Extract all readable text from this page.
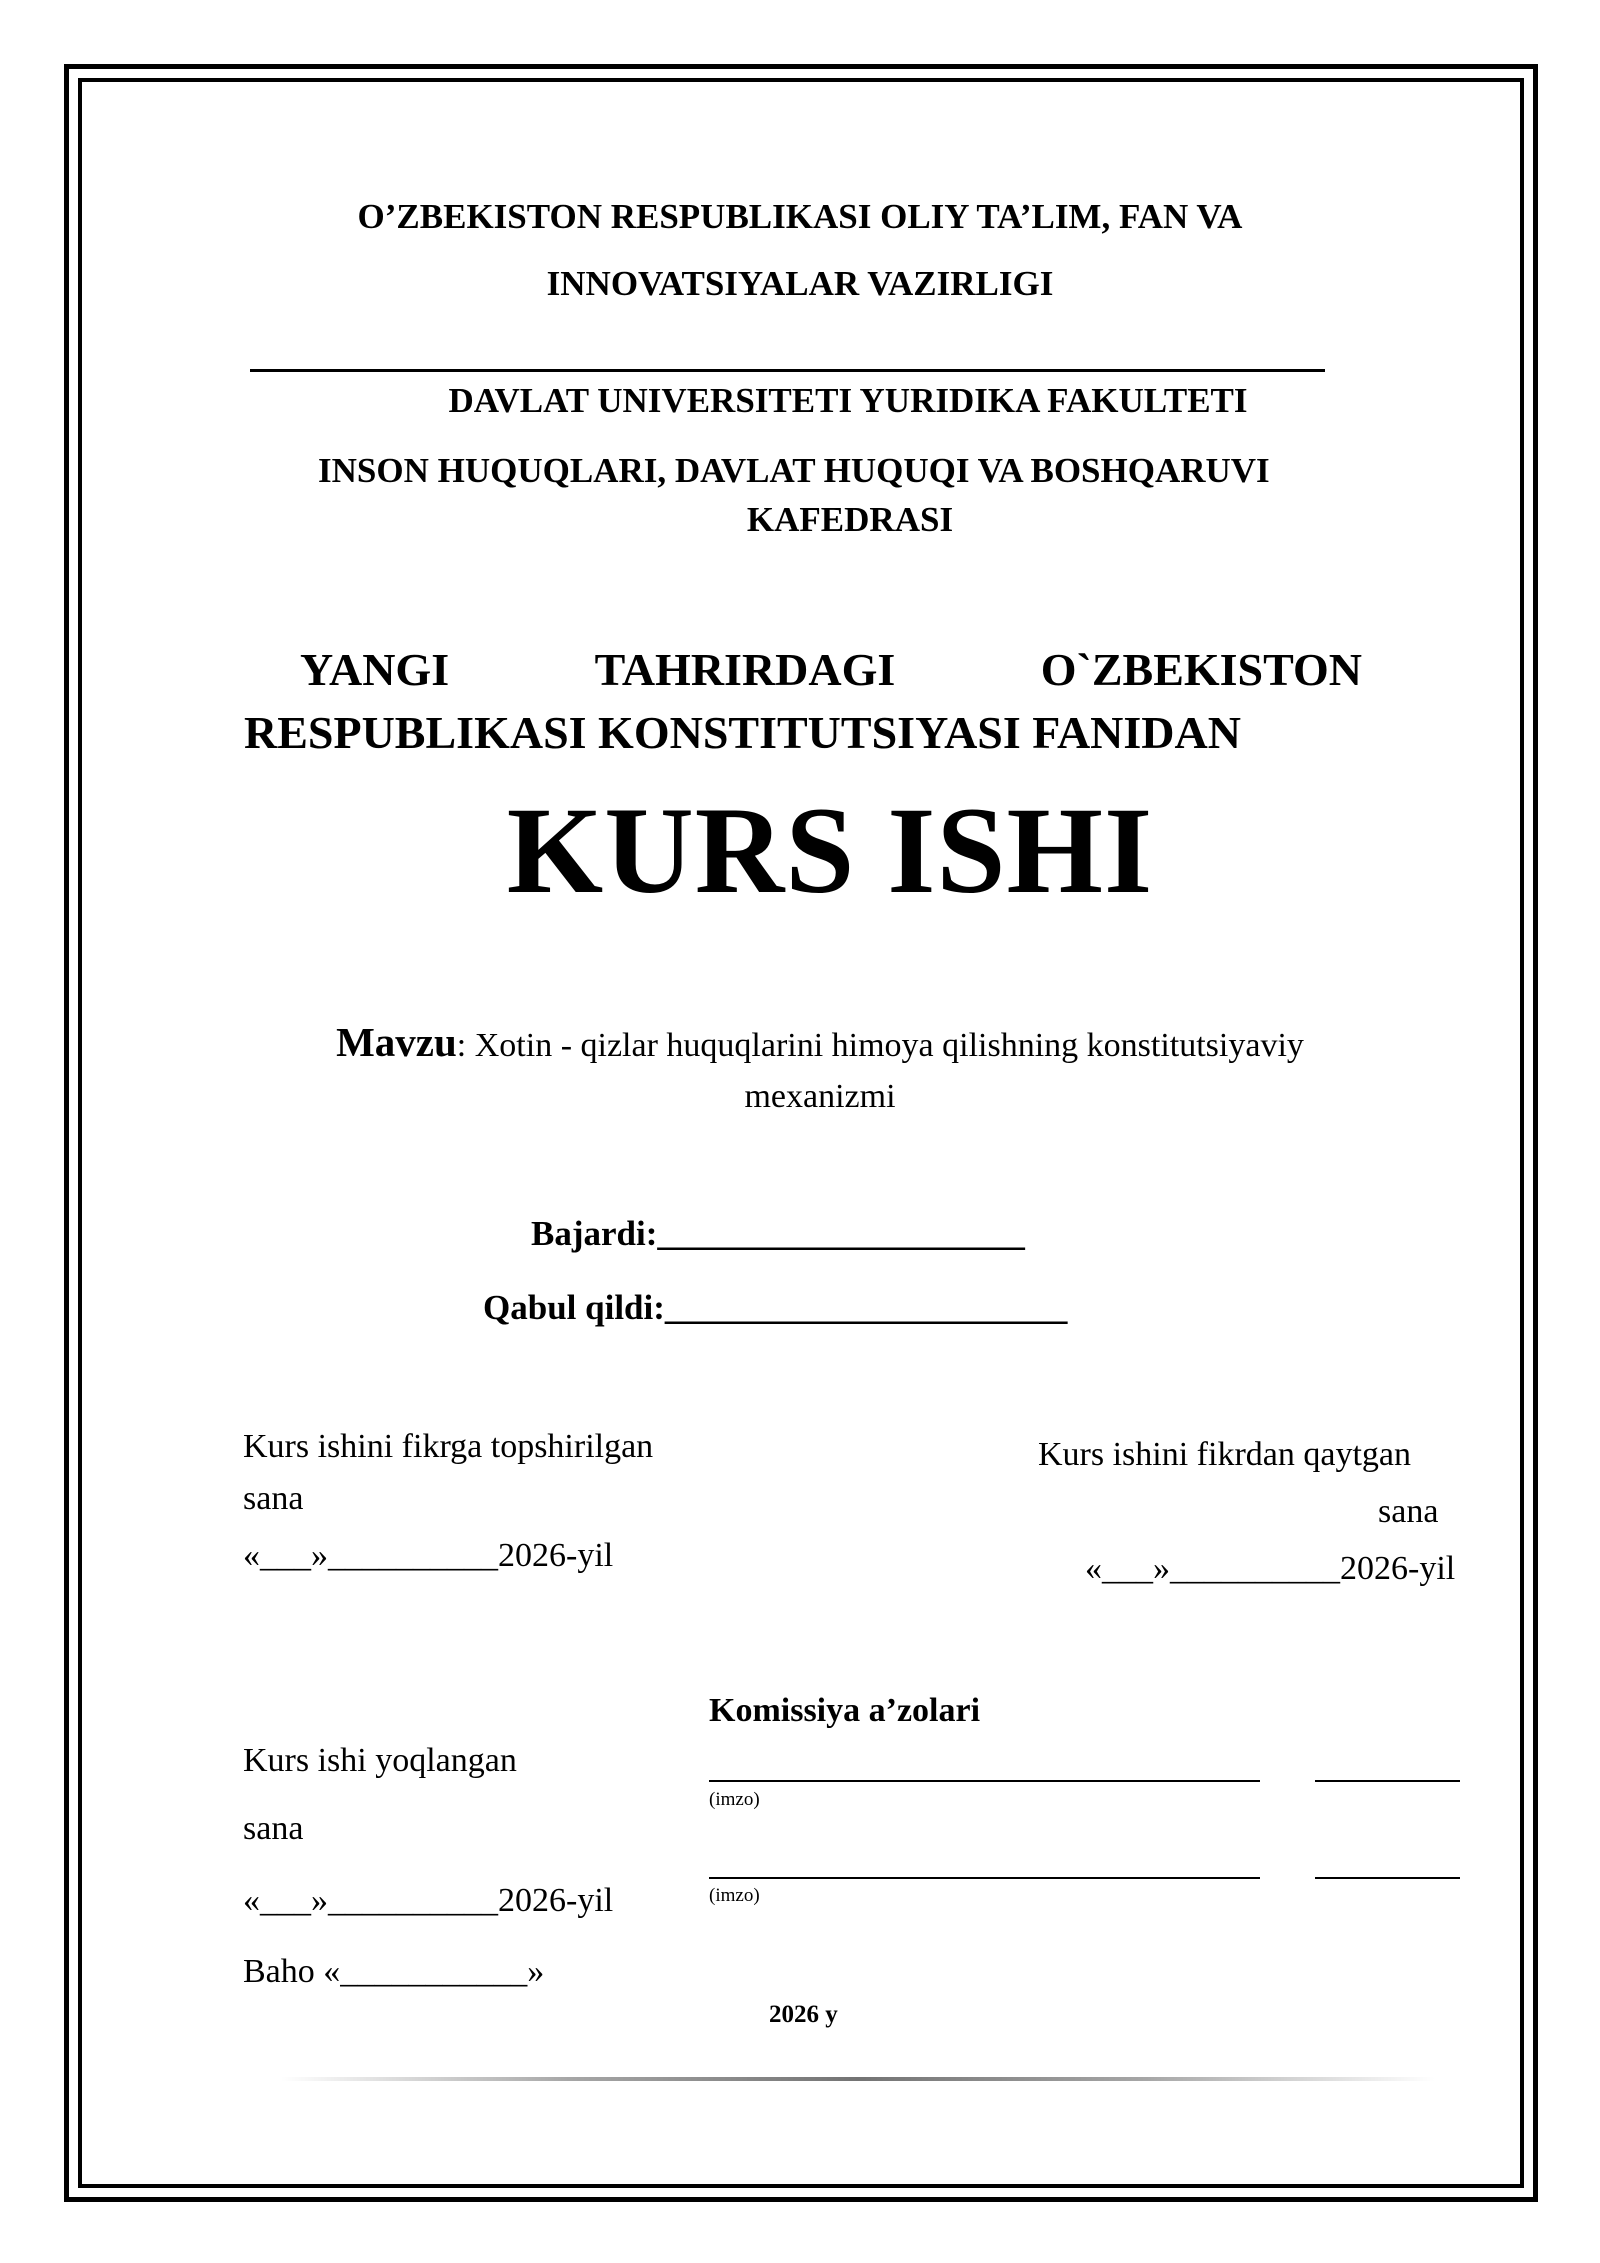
O’ZBEKISTON RESPUBLIKASI OLIY TA’LIM, FAN VA
INNOVATSIYALAR VAZIRLIGI
DAVLAT UNIVERSITETI YURIDIKA FAKULTETI
INSON HUQUQLARI, DAVLAT HUQUQI VA BOSHQARUVI
KAFEDRASI
YANGI	TAHRIRDAGI	O`ZBEKISTON
RESPUBLIKASI KONSTITUTSIYASI FANIDAN
KURS ISHI
Mavzu: Xotin - qizlar huquqlarini himoya qilishning konstitutsiyaviy
mexanizmi
Bajardi:_____________________
Qabul qildi:_______________________
Kurs ishini fikrga topshirilgan
sana
«___»__________2026-yil
Kurs ishini fikrdan qaytgan
sana
«___»__________2026-yil
Komissiya a’zolari
(imzo)
(imzo)
Kurs ishi yoqlangan
sana
«___»__________2026-yil
Baho «___________»
2026 y
